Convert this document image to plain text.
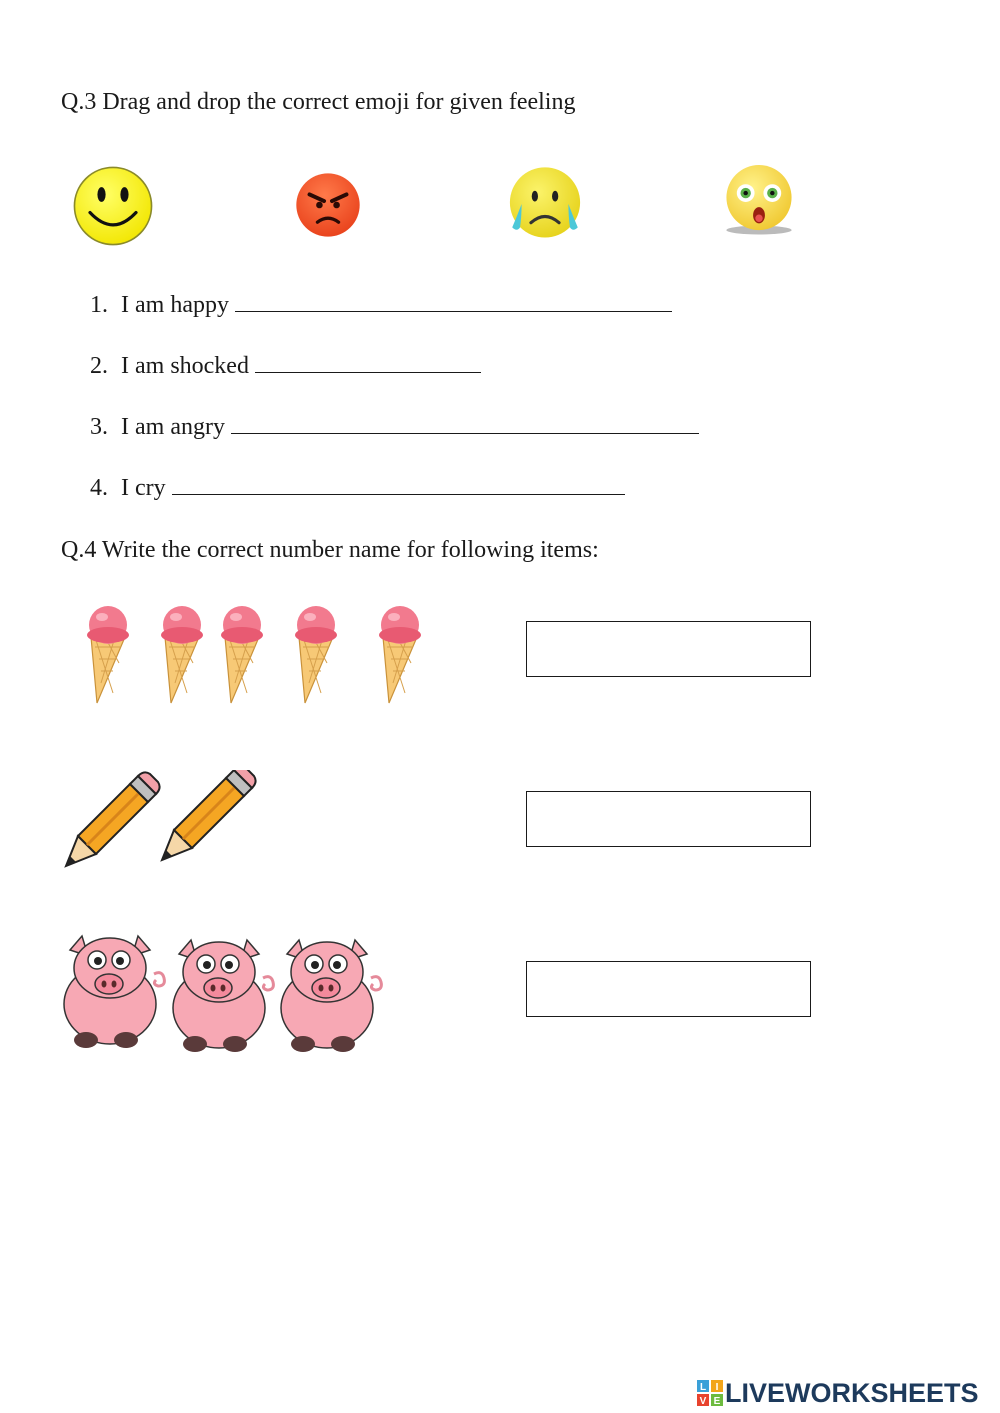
Q.3 Drag and drop the correct emoji for given feeling
1. I am happy
2. I am shocked
3. I am angry
4. I cry
Q.4 Write the correct number name for following items:
L I
V E LIVEWORKSHEETS
